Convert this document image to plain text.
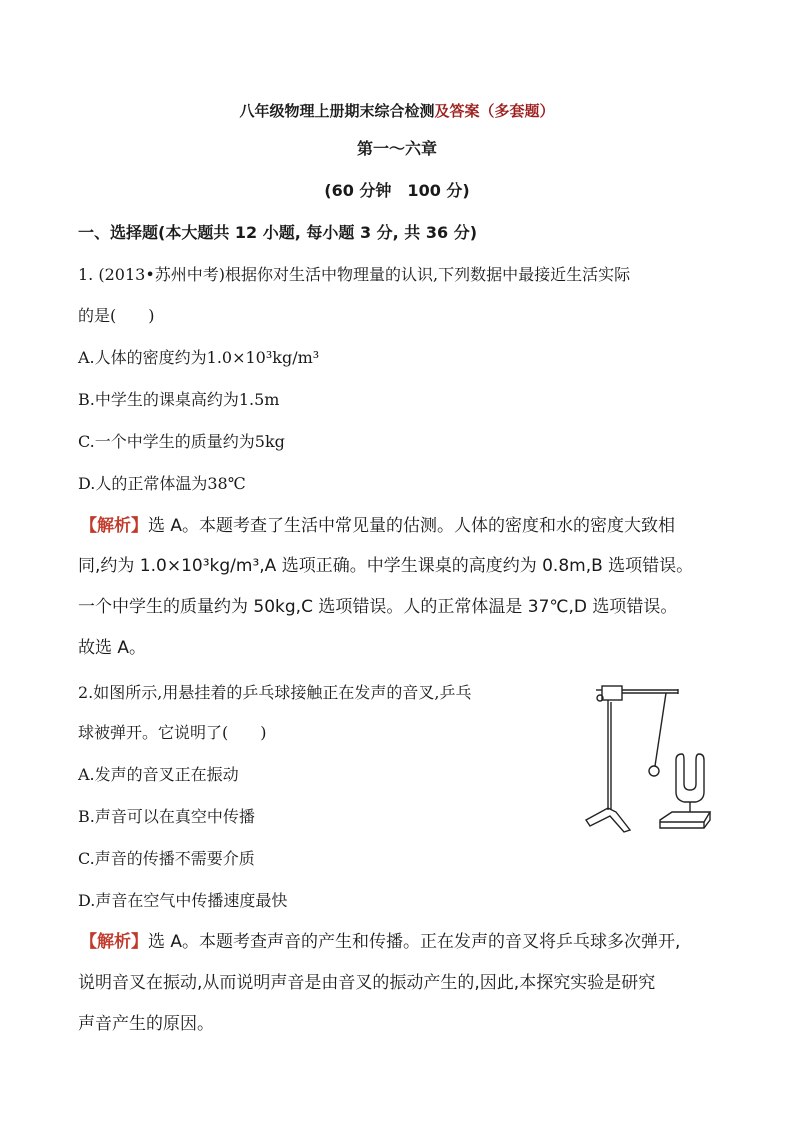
八年级物理上册期末综合检测及答案（多套题）
第一～六章
(60 分钟　100 分)
一、选择题(本大题共 12 小题, 每小题 3 分, 共 36 分)
1. (2013•苏州中考)根据你对生活中物理量的认识,下列数据中最接近生活实际
的是(　　)
A.人体的密度约为1.0×10³kg/m³
B.中学生的课桌高约为1.5m
C.一个中学生的质量约为5kg
D.人的正常体温为38℃
【解析】选 A。本题考查了生活中常见量的估测。人体的密度和水的密度大致相
同,约为 1.0×10³kg/m³,A 选项正确。中学生课桌的高度约为 0.8m,B 选项错误。
一个中学生的质量约为 50kg,C 选项错误。人的正常体温是 37℃,D 选项错误。
故选 A。
2.如图所示,用悬挂着的乒乓球接触正在发声的音叉,乒乓
球被弹开。它说明了(　　)
A.发声的音叉正在振动
B.声音可以在真空中传播
C.声音的传播不需要介质
D.声音在空气中传播速度最快
【解析】选 A。本题考查声音的产生和传播。正在发声的音叉将乒乓球多次弹开,
说明音叉在振动,从而说明声音是由音叉的振动产生的,因此,本探究实验是研究
声音产生的原因。
